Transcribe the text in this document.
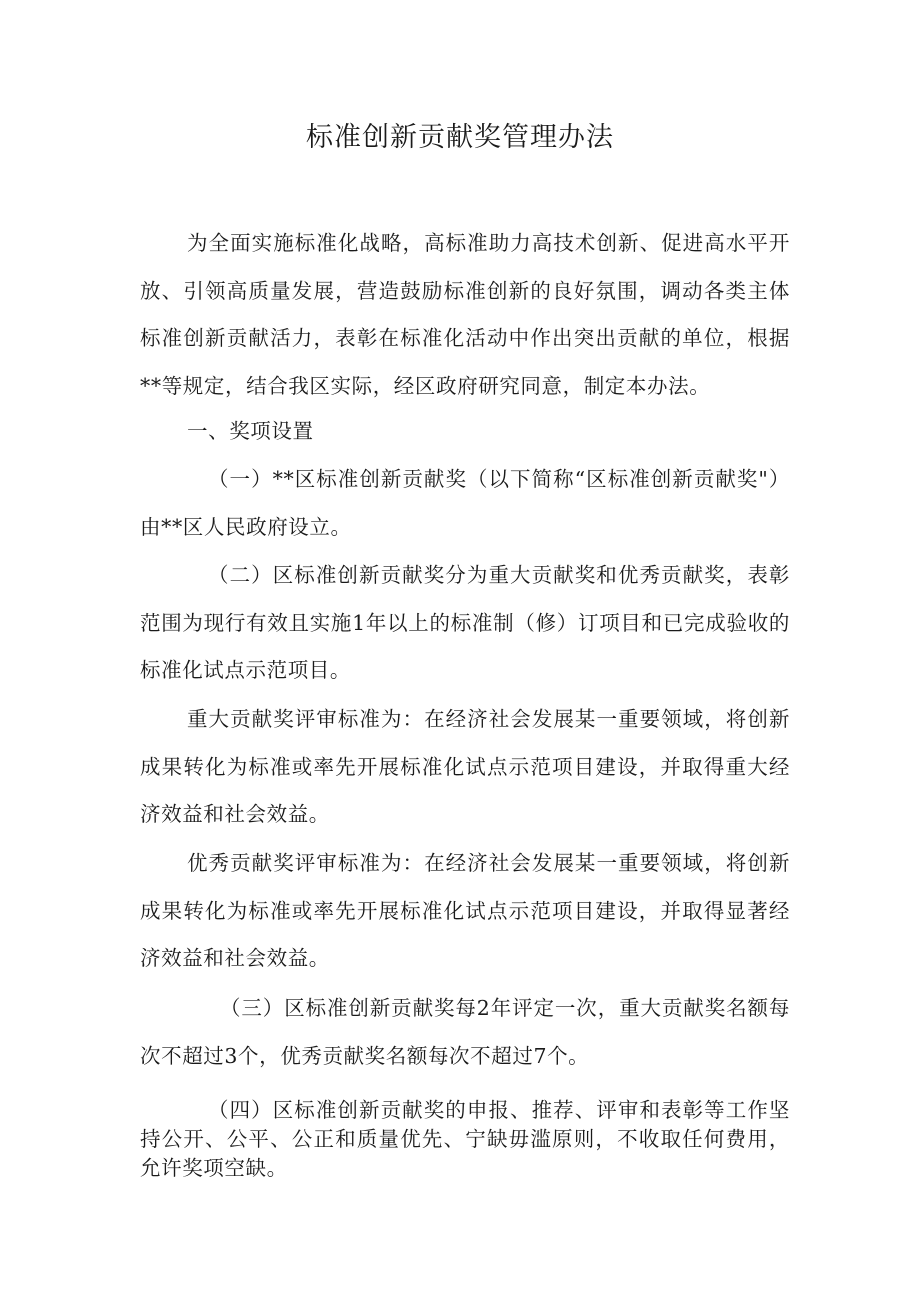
标准创新贡献奖管理办法

为全面实施标准化战略，高标准助力高技术创新、促进高水平开放、引领高质量发展，营造鼓励标准创新的良好氛围，调动各类主体标准创新贡献活力，表彰在标准化活动中作出突出贡献的单位，根据**等规定，结合我区实际，经区政府研究同意，制定本办法。

一、奖项设置

（一）**区标准创新贡献奖（以下简称“区标准创新贡献奖"）由**区人民政府设立。

（二）区标准创新贡献奖分为重大贡献奖和优秀贡献奖，表彰范围为现行有效且实施1年以上的标准制（修）订项目和已完成验收的标准化试点示范项目。

重大贡献奖评审标准为：在经济社会发展某一重要领域，将创新成果转化为标准或率先开展标准化试点示范项目建设，并取得重大经济效益和社会效益。

优秀贡献奖评审标准为：在经济社会发展某一重要领域，将创新成果转化为标准或率先开展标准化试点示范项目建设，并取得显著经济效益和社会效益。

（三）区标准创新贡献奖每2年评定一次，重大贡献奖名额每次不超过3个，优秀贡献奖名额每次不超过7个。

（四）区标准创新贡献奖的申报、推荐、评审和表彰等工作坚持公开、公平、公正和质量优先、宁缺毋滥原则，不收取任何费用，允许奖项空缺。
